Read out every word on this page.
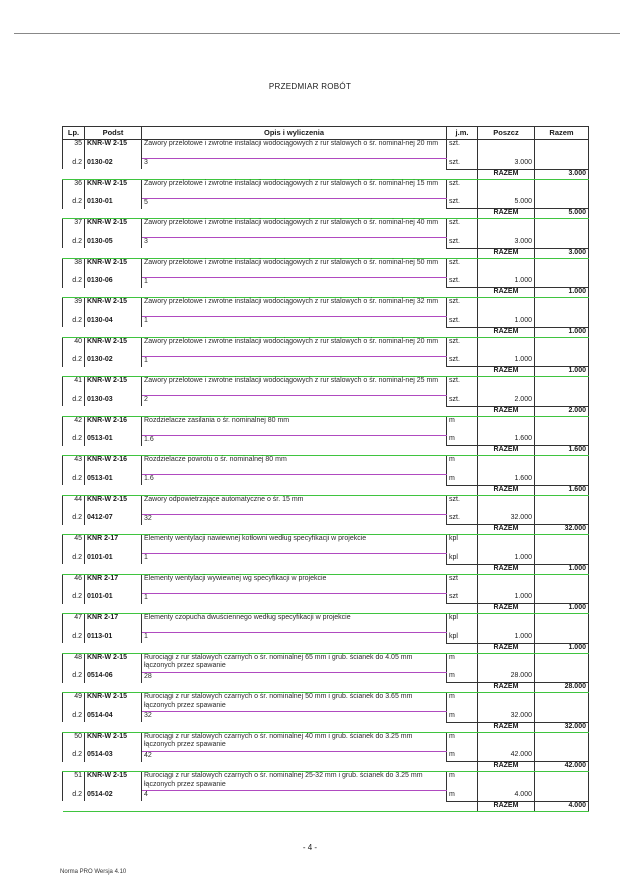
PRZEDMIAR ROBÓT
Lp.	Podst	Opis i wyliczenia	j.m.	Poszcz	Razem
35	KNR-W 2-15	Zawory przelotowe i zwrotne instalacji wodociągowych z rur stalowych o śr. nominal-nej 20 mm	szt.		
d.2	0130-02	3	szt.	3.000	
				RAZEM	3.000
36	KNR-W 2-15	Zawory przelotowe i zwrotne instalacji wodociągowych z rur stalowych o śr. nominal-nej 15 mm	szt.		
d.2	0130-01	5	szt.	5.000	
				RAZEM	5.000
37	KNR-W 2-15	Zawory przelotowe i zwrotne instalacji wodociągowych z rur stalowych o śr. nominal-nej 40 mm	szt.		
d.2	0130-05	3	szt.	3.000	
				RAZEM	3.000
38	KNR-W 2-15	Zawory przelotowe i zwrotne instalacji wodociągowych z rur stalowych o śr. nominal-nej 50 mm	szt.		
d.2	0130-06	1	szt.	1.000	
				RAZEM	1.000
39	KNR-W 2-15	Zawory przelotowe i zwrotne instalacji wodociągowych z rur stalowych o śr. nominal-nej 32 mm	szt.		
d.2	0130-04	1	szt.	1.000	
				RAZEM	1.000
40	KNR-W 2-15	Zawory przelotowe i zwrotne instalacji wodociągowych z rur stalowych o śr. nominal-nej 20 mm	szt.		
d.2	0130-02	1	szt.	1.000	
				RAZEM	1.000
41	KNR-W 2-15	Zawory przelotowe i zwrotne instalacji wodociągowych z rur stalowych o śr. nominal-nej 25 mm	szt.		
d.2	0130-03	2	szt.	2.000	
				RAZEM	2.000
42	KNR-W 2-16	Rozdzielacze zasilania o śr. nominalnej 80 mm	m		
d.2	0513-01	1.6	m	1.600	
				RAZEM	1.600
43	KNR-W 2-16	Rozdzielacze powrotu o śr. nominalnej 80 mm	m		
d.2	0513-01	1.6	m	1.600	
				RAZEM	1.600
44	KNR-W 2-15	Zawory odpowietrzające automatyczne o śr. 15 mm	szt.		
d.2	0412-07	32	szt.	32.000	
				RAZEM	32.000
45	KNR 2-17	Elementy wentylacji nawiewnej kotłowni według specyfikacji w projekcie	kpl		
d.2	0101-01	1	kpl	1.000	
				RAZEM	1.000
46	KNR 2-17	Elementy wentylacji wywiewnej wg specyfikacji w projekcie	szt		
d.2	0101-01	1	szt	1.000	
				RAZEM	1.000
47	KNR 2-17	Elementy czopucha dwuściennego według specyfikacji w projekcie	kpl		
d.2	0113-01	1	kpl	1.000	
				RAZEM	1.000
48	KNR-W 2-15	Rurociągi z rur stalowych czarnych o śr. nominalnej 65 mm i grub. ścianek do 4.05 mm łączonych przez spawanie	m		
d.2	0514-06	28	m	28.000	
				RAZEM	28.000
49	KNR-W 2-15	Rurociągi z rur stalowych czarnych o śr. nominalnej 50 mm i grub. ścianek do 3.65 mm łączonych przez spawanie	m		
d.2	0514-04	32	m	32.000	
				RAZEM	32.000
50	KNR-W 2-15	Rurociągi z rur stalowych czarnych o śr. nominalnej 40 mm i grub. ścianek do 3.25 mm łączonych przez spawanie	m		
d.2	0514-03	42	m	42.000	
				RAZEM	42.000
51	KNR-W 2-15	Rurociągi z rur stalowych czarnych o śr. nominalnej 25-32 mm i grub. ścianek do 3.25 mm łączonych przez spawanie	m		
d.2	0514-02	4	m	4.000	
				RAZEM	4.000
- 4 -
Norma PRO Wersja 4.10
